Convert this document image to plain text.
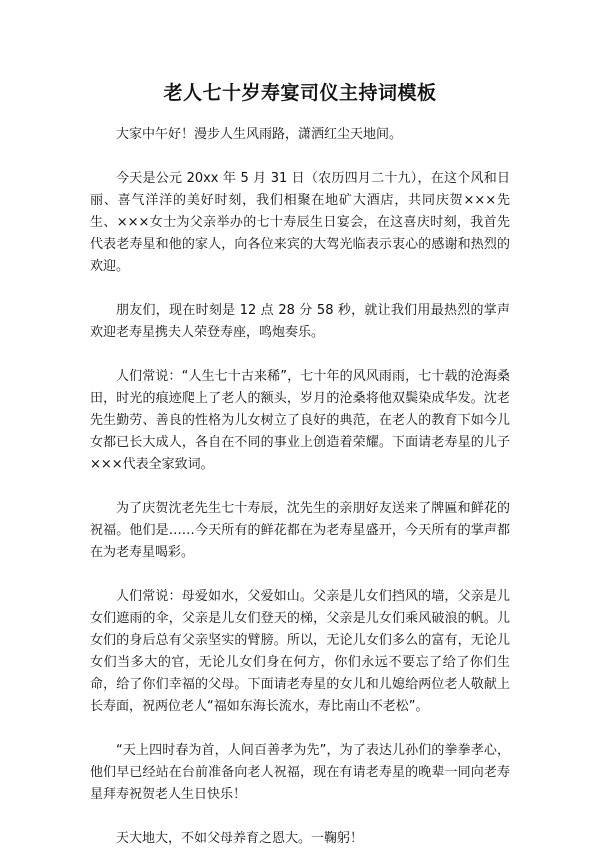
老人七十岁寿宴司仪主持词模板

大家中午好！漫步人生风雨路，潇洒红尘天地间。

今天是公元 20xx 年 5 月 31 日（农历四月二十九），在这个风和日丽、喜气洋洋的美好时刻，我们相聚在地矿大酒店，共同庆贺×××先生、×××女士为父亲举办的七十寿辰生日宴会，在这喜庆时刻，我首先代表老寿星和他的家人，向各位来宾的大驾光临表示衷心的感谢和热烈的欢迎。

朋友们，现在时刻是 12 点 28 分 58 秒，就让我们用最热烈的掌声欢迎老寿星携夫人荣登寿座，鸣炮奏乐。

人们常说：“人生七十古来稀”，七十年的风风雨雨，七十载的沧海桑田，时光的痕迹爬上了老人的额头，岁月的沧桑将他双鬓染成华发。沈老先生勤劳、善良的性格为儿女树立了良好的典范，在老人的教育下如今儿女都已长大成人，各自在不同的事业上创造着荣耀。下面请老寿星的儿子×××代表全家致词。

为了庆贺沈老先生七十寿辰，沈先生的亲朋好友送来了牌匾和鲜花的祝福。他们是……今天所有的鲜花都在为老寿星盛开，今天所有的掌声都在为老寿星喝彩。

人们常说：母爱如水，父爱如山。父亲是儿女们挡风的墙，父亲是儿女们遮雨的伞，父亲是儿女们登天的梯，父亲是儿女们乘风破浪的帆。儿女们的身后总有父亲坚实的臂膀。所以，无论儿女们多么的富有，无论儿女们当多大的官，无论儿女们身在何方，你们永远不要忘了给了你们生命，给了你们幸福的父母。下面请老寿星的女儿和儿媳给两位老人敬献上长寿面，祝两位老人“福如东海长流水，寿比南山不老松”。

“天上四时春为首，人间百善孝为先”，为了表达儿孙们的拳拳孝心，他们早已经站在台前准备向老人祝福，现在有请老寿星的晚辈一同向老寿星拜寿祝贺老人生日快乐！

天大地大，不如父母养育之恩大。一鞠躬！
